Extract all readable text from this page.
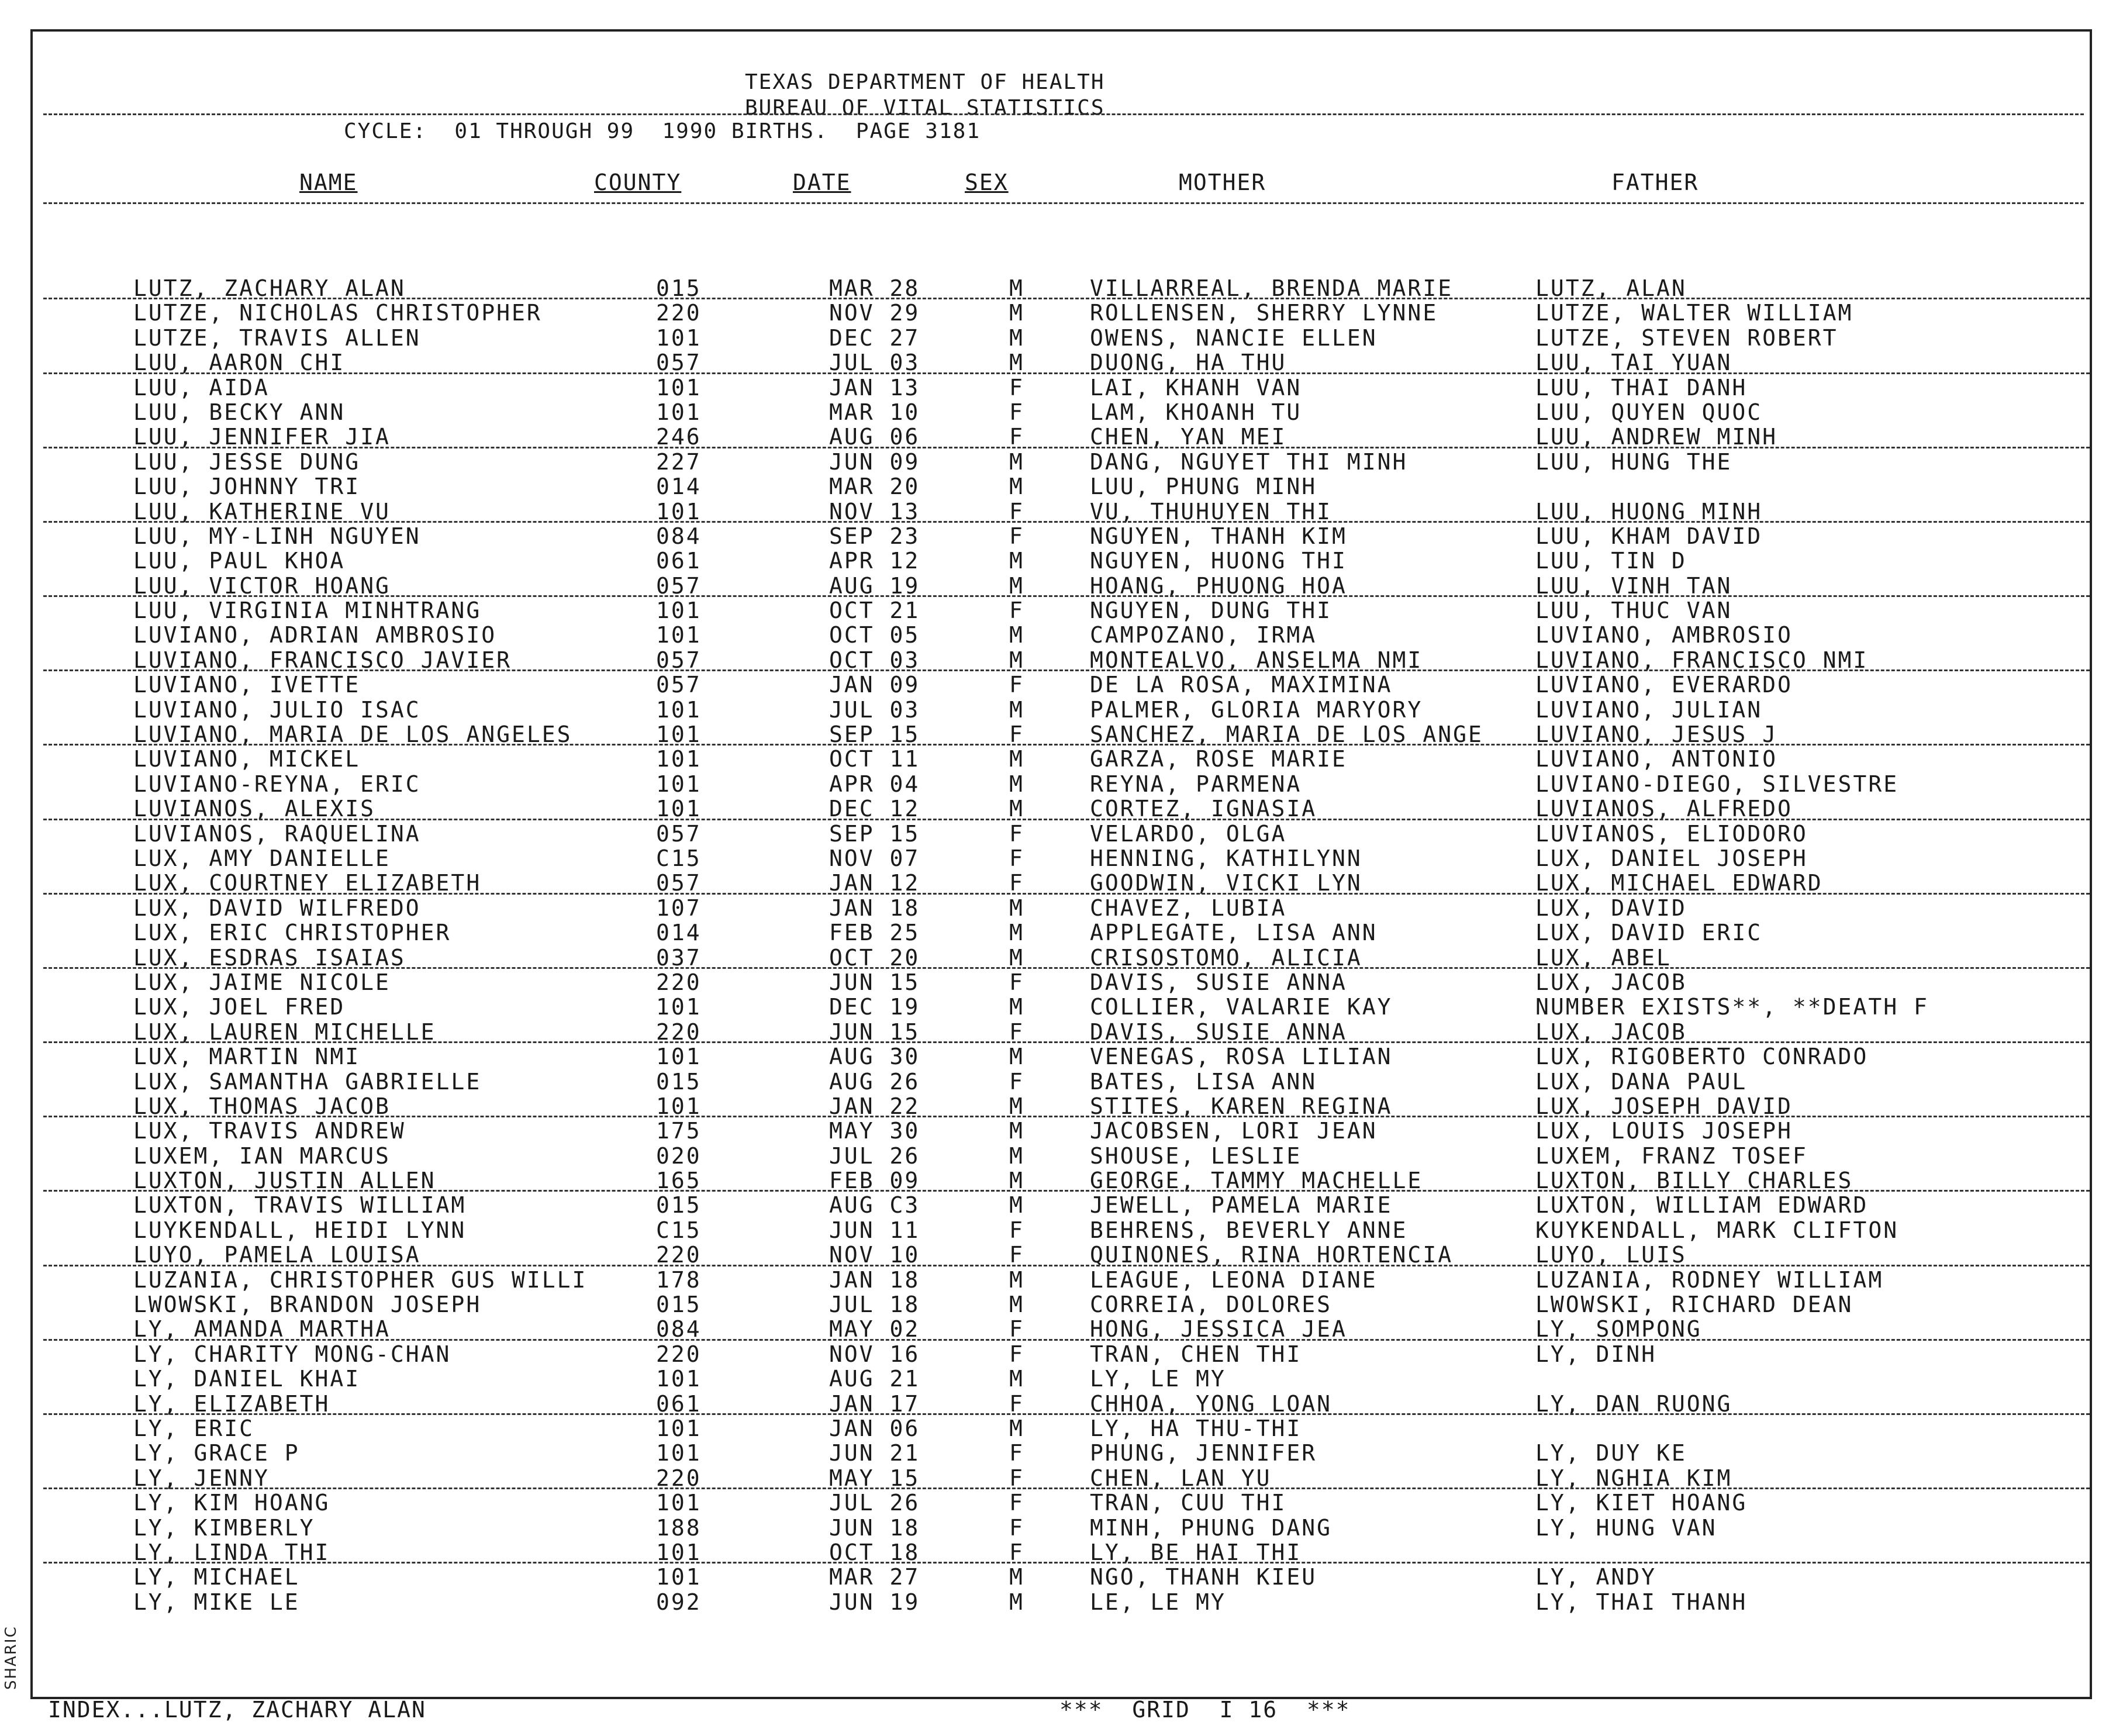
SHARIC
TEXAS DEPARTMENT OF HEALTH
BUREAU OF VITAL STATISTICS
CYCLE:  01 THROUGH 99  1990 BIRTHS.  PAGE 3181
NAME	COUNTY	DATE	SEX	MOTHER	FATHER
LUTZ, ZACHARY ALAN	015	MAR 28	M	VILLARREAL, BRENDA MARIE	LUTZ, ALAN
LUTZE, NICHOLAS CHRISTOPHER	220	NOV 29	M	ROLLENSEN, SHERRY LYNNE	LUTZE, WALTER WILLIAM
LUTZE, TRAVIS ALLEN	101	DEC 27	M	OWENS, NANCIE ELLEN	LUTZE, STEVEN ROBERT
LUU, AARON CHI	057	JUL 03	M	DUONG, HA THU	LUU, TAI YUAN
LUU, AIDA	101	JAN 13	F	LAI, KHANH VAN	LUU, THAI DANH
LUU, BECKY ANN	101	MAR 10	F	LAM, KHOANH TU	LUU, QUYEN QUOC
LUU, JENNIFER JIA	246	AUG 06	F	CHEN, YAN MEI	LUU, ANDREW MINH
LUU, JESSE DUNG	227	JUN 09	M	DANG, NGUYET THI MINH	LUU, HUNG THE
LUU, JOHNNY TRI	014	MAR 20	M	LUU, PHUNG MINH
LUU, KATHERINE VU	101	NOV 13	F	VU, THUHUYEN THI	LUU, HUONG MINH
LUU, MY-LINH NGUYEN	084	SEP 23	F	NGUYEN, THANH KIM	LUU, KHAM DAVID
LUU, PAUL KHOA	061	APR 12	M	NGUYEN, HUONG THI	LUU, TIN D
LUU, VICTOR HOANG	057	AUG 19	M	HOANG, PHUONG HOA	LUU, VINH TAN
LUU, VIRGINIA MINHTRANG	101	OCT 21	F	NGUYEN, DUNG THI	LUU, THUC VAN
LUVIANO, ADRIAN AMBROSIO	101	OCT 05	M	CAMPOZANO, IRMA	LUVIANO, AMBROSIO
LUVIANO, FRANCISCO JAVIER	057	OCT 03	M	MONTEALVO, ANSELMA NMI	LUVIANO, FRANCISCO NMI
LUVIANO, IVETTE	057	JAN 09	F	DE LA ROSA, MAXIMINA	LUVIANO, EVERARDO
LUVIANO, JULIO ISAC	101	JUL 03	M	PALMER, GLORIA MARYORY	LUVIANO, JULIAN
LUVIANO, MARIA DE LOS ANGELES	101	SEP 15	F	SANCHEZ, MARIA DE LOS ANGE LUVIANO, JESUS J
LUVIANO, MICKEL	101	OCT 11	M	GARZA, ROSE MARIE	LUVIANO, ANTONIO
LUVIANO-REYNA, ERIC	101	APR 04	M	REYNA, PARMENA	LUVIANO-DIEGO, SILVESTRE
LUVIANOS, ALEXIS	101	DEC 12	M	CORTEZ, IGNASIA	LUVIANOS, ALFREDO
LUVIANOS, RAQUELINA	057	SEP 15	F	VELARDO, OLGA	LUVIANOS, ELIODORO
LUX, AMY DANIELLE	C15	NOV 07	F	HENNING, KATHILYNN	LUX, DANIEL JOSEPH
LUX, COURTNEY ELIZABETH	057	JAN 12	F	GOODWIN, VICKI LYN	LUX, MICHAEL EDWARD
LUX, DAVID WILFREDO	107	JAN 18	M	CHAVEZ, LUBIA	LUX, DAVID
LUX, ERIC CHRISTOPHER	014	FEB 25	M	APPLEGATE, LISA ANN	LUX, DAVID ERIC
LUX, ESDRAS ISAIAS	037	OCT 20	M	CRISOSTOMO, ALICIA	LUX, ABEL
LUX, JAIME NICOLE	220	JUN 15	F	DAVIS, SUSIE ANNA	LUX, JACOB
LUX, JOEL FRED	101	DEC 19	M	COLLIER, VALARIE KAY	NUMBER EXISTS**, **DEATH F
LUX, LAUREN MICHELLE	220	JUN 15	F	DAVIS, SUSIE ANNA	LUX, JACOB
LUX, MARTIN NMI	101	AUG 30	M	VENEGAS, ROSA LILIAN	LUX, RIGOBERTO CONRADO
LUX, SAMANTHA GABRIELLE	015	AUG 26	F	BATES, LISA ANN	LUX, DANA PAUL
LUX, THOMAS JACOB	101	JAN 22	M	STITES, KAREN REGINA	LUX, JOSEPH DAVID
LUX, TRAVIS ANDREW	175	MAY 30	M	JACOBSEN, LORI JEAN	LUX, LOUIS JOSEPH
LUXEM, IAN MARCUS	020	JUL 26	M	SHOUSE, LESLIE	LUXEM, FRANZ TOSEF
LUXTON, JUSTIN ALLEN	165	FEB 09	M	GEORGE, TAMMY MACHELLE	LUXTON, BILLY CHARLES
LUXTON, TRAVIS WILLIAM	015	AUG C3	M	JEWELL, PAMELA MARIE	LUXTON, WILLIAM EDWARD
LUYKENDALL, HEIDI LYNN	C15	JUN 11	F	BEHRENS, BEVERLY ANNE	KUYKENDALL, MARK CLIFTON
LUYO, PAMELA LOUISA	220	NOV 10	F	QUINONES, RINA HORTENCIA	LUYO, LUIS
LUZANIA, CHRISTOPHER GUS WILLI	178	JAN 18	M	LEAGUE, LEONA DIANE	LUZANIA, RODNEY WILLIAM
LWOWSKI, BRANDON JOSEPH	015	JUL 18	M	CORREIA, DOLORES	LWOWSKI, RICHARD DEAN
LY, AMANDA MARTHA	084	MAY 02	F	HONG, JESSICA JEA	LY, SOMPONG
LY, CHARITY MONG-CHAN	220	NOV 16	F	TRAN, CHEN THI	LY, DINH
LY, DANIEL KHAI	101	AUG 21	M	LY, LE MY
LY, ELIZABETH	061	JAN 17	F	CHHOA, YONG LOAN	LY, DAN RUONG
LY, ERIC	101	JAN 06	M	LY, HA THU-THI
LY, GRACE P	101	JUN 21	F	PHUNG, JENNIFER	LY, DUY KE
LY, JENNY	220	MAY 15	F	CHEN, LAN YU	LY, NGHIA KIM
LY, KIM HOANG	101	JUL 26	F	TRAN, CUU THI	LY, KIET HOANG
LY, KIMBERLY	188	JUN 18	F	MINH, PHUNG DANG	LY, HUNG VAN
LY, LINDA THI	101	OCT 18	F	LY, BE HAI THI
LY, MICHAEL	101	MAR 27	M	NGO, THANH KIEU	LY, ANDY
LY, MIKE LE	092	JUN 19	M	LE, LE MY	LY, THAI THANH
INDEX...LUTZ, ZACHARY ALAN	***  GRID  I 16  ***
